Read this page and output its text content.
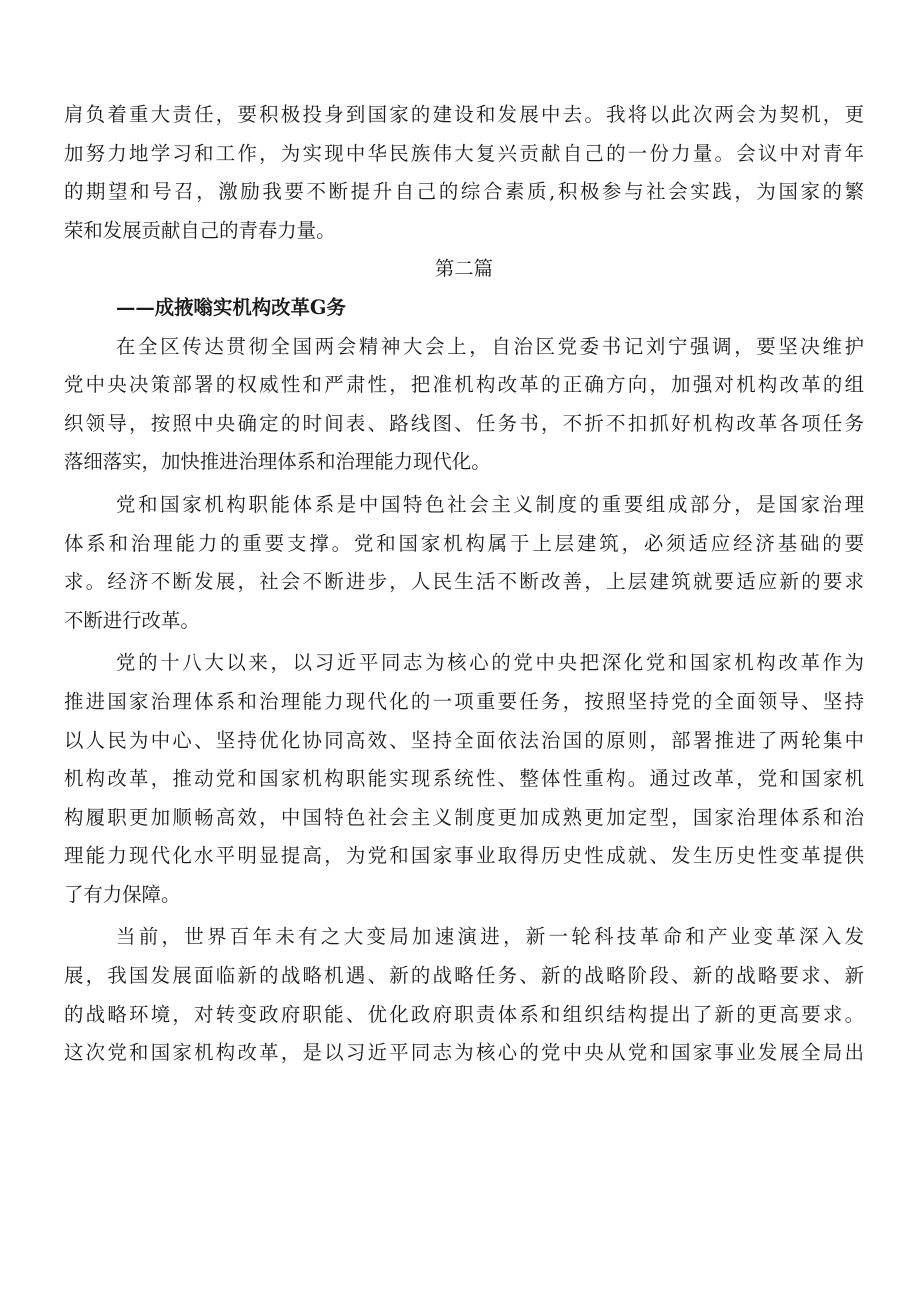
肩负着重大责任，要积极投身到国家的建设和发展中去。我将以此次两会为契机，更
加努力地学习和工作，为实现中华民族伟大复兴贡献自己的一份力量。会议中对青年
的期望和号召，激励我要不断提升自己的综合素质,积极参与社会实践，为国家的繁
荣和发展贡献自己的青春力量。
第二篇
——成掖嗡实机构改革G务
在全区传达贯彻全国两会精神大会上，自治区党委书记刘宁强调，要坚决维护
党中央决策部署的权威性和严肃性，把准机构改革的正确方向，加强对机构改革的组
织领导，按照中央确定的时间表、路线图、任务书，不折不扣抓好机构改革各项任务
落细落实，加快推进治理体系和治理能力现代化。
党和国家机构职能体系是中国特色社会主义制度的重要组成部分，是国家治理
体系和治理能力的重要支撑。党和国家机构属于上层建筑，必须适应经济基础的要
求。经济不断发展，社会不断进步，人民生活不断改善，上层建筑就要适应新的要求
不断进行改革。
党的十八大以来，以习近平同志为核心的党中央把深化党和国家机构改革作为
推进国家治理体系和治理能力现代化的一项重要任务，按照坚持党的全面领导、坚持
以人民为中心、坚持优化协同高效、坚持全面依法治国的原则，部署推进了两轮集中
机构改革，推动党和国家机构职能实现系统性、整体性重构。通过改革，党和国家机
构履职更加顺畅高效，中国特色社会主义制度更加成熟更加定型，国家治理体系和治
理能力现代化水平明显提高，为党和国家事业取得历史性成就、发生历史性变革提供
了有力保障。
当前，世界百年未有之大变局加速演进，新一轮科技革命和产业变革深入发
展，我国发展面临新的战略机遇、新的战略任务、新的战略阶段、新的战略要求、新
的战略环境，对转变政府职能、优化政府职责体系和组织结构提出了新的更高要求。
这次党和国家机构改革，是以习近平同志为核心的党中央从党和国家事业发展全局出
